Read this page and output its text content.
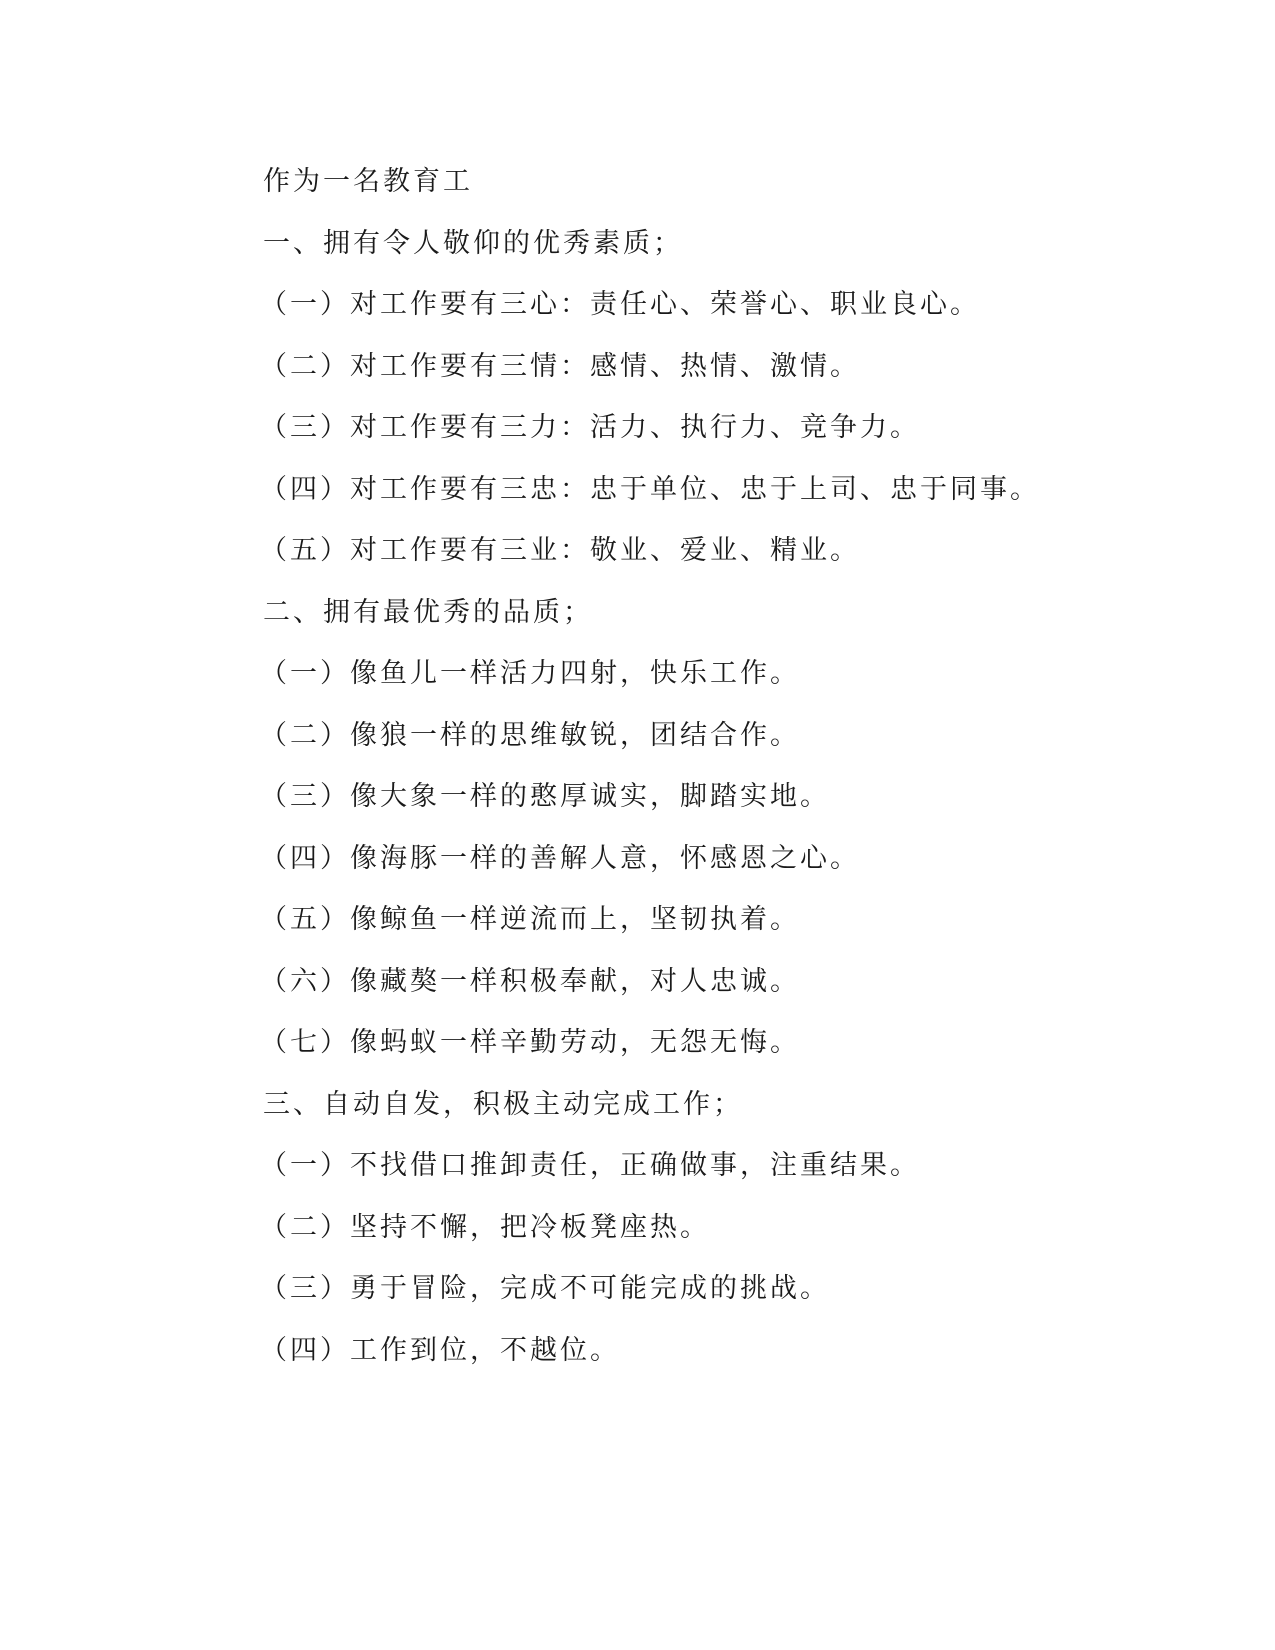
作为一名教育工
一、拥有令人敬仰的优秀素质；
（一）对工作要有三心：责任心、荣誉心、职业良心。
（二）对工作要有三情：感情、热情、激情。
（三）对工作要有三力：活力、执行力、竞争力。
（四）对工作要有三忠：忠于单位、忠于上司、忠于同事。
（五）对工作要有三业：敬业、爱业、精业。
二、拥有最优秀的品质；
（一）像鱼儿一样活力四射，快乐工作。
（二）像狼一样的思维敏锐，团结合作。
（三）像大象一样的憨厚诚实，脚踏实地。
（四）像海豚一样的善解人意，怀感恩之心。
（五）像鲸鱼一样逆流而上，坚韧执着。
（六）像藏獒一样积极奉献，对人忠诚。
（七）像蚂蚁一样辛勤劳动，无怨无悔。
三、自动自发，积极主动完成工作；
（一）不找借口推卸责任，正确做事，注重结果。
（二）坚持不懈，把冷板凳座热。
（三）勇于冒险，完成不可能完成的挑战。
（四）工作到位，不越位。
